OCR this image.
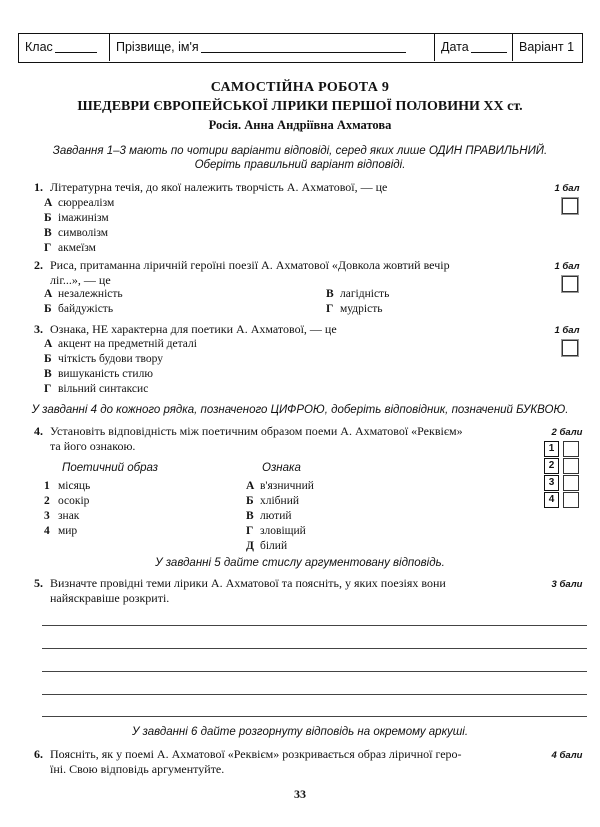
Клас	Прізвище, ім'я	Дата	Варіант 1
САМОСТІЙНА РОБОТА 9
ШЕДЕВРИ ЄВРОПЕЙСЬКОЇ ЛІРИКИ ПЕРШОЇ ПОЛОВИНИ XX ст.
Росія. Анна Андріївна Ахматова
Завдання 1–3 мають по чотири варіанти відповіді, серед яких лише ОДИН ПРАВИЛЬНИЙ.
Оберіть правильний варіант відповіді.
1. Літературна течія, до якої належить творчість А. Ахматової, — це	1 бал
А сюрреалізм
Б імажинізм
В символізм
Г акмеїзм
2. Риса, притаманна ліричній героїні поезії А. Ахматової «Довкола жовтий вечір
ліг...», — це
1 бал
А незалежність
Б байдужість
В лагідність
Г мудрість
3. Ознака, НЕ характерна для поетики А. Ахматової, — це	1 бал
А акцент на предметній деталі
Б чіткість будови твору
В вишуканість стилю
Г вільний синтаксис
У завданні 4 до кожного рядка, позначеного ЦИФРОЮ, доберіть відповідник, позначений БУКВОЮ.
4. Установіть відповідність між поетичним образом поеми А. Ахматової «Реквієм»
та його ознакою.
2 бали
Поетичний образ	Ознака
1 місяць
2 осокір
3 знак
4 мир
А в'язничний
Б хлібний
В лютий
Г зловіщий
Д білий
1
2
3
4
У завданні 5 дайте стислу аргументовану відповідь.
5. Визначте провідні теми лірики А. Ахматової та поясніть, у яких поезіях вони
найяскравіше розкриті.
3 бали
У завданні 6 дайте розгорнуту відповідь на окремому аркуші.
6. Поясніть, як у поемі А. Ахматової «Реквієм» розкривається образ ліричної геро-
їні. Свою відповідь аргументуйте.
4 бали
33
